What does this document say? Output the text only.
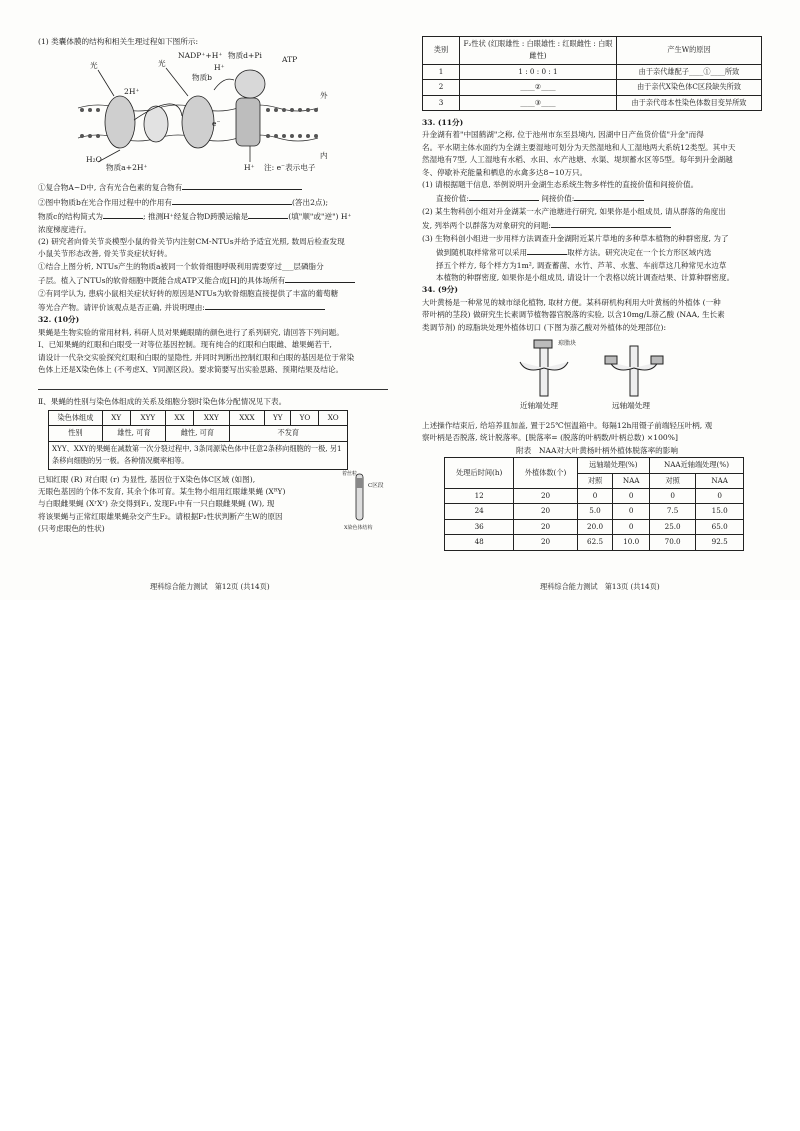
(1) 类囊体膜的结构和相关生理过程如下图所示:

光	光
NADP⁺+H⁺ 物质d+Pi	ATP
H⁺
外
内
H₂O
2H⁺
物质a+2H⁺
物质b
e⁻
H⁺ 注: e⁻表示电子

①复合物A~D中, 含有光合色素的复合物有

②图中物质b在光合作用过程中的作用有	(答出2点);

物质c的结构简式为	; 推测H⁺经复合物D跨膜运输是	(填"顺"或"逆") H⁺

浓度梯度进行。

(2) 研究者向骨关节炎模型小鼠的骨关节内注射CM-NTUs并给予适宜光照, 数周后检查发现

小鼠关节形态改善, 骨关节炎症状好转。

①结合上图分析, NTUs产生的物质a被同一个软骨细胞呼吸利用需要穿过___层磷脂分

子层。植入了NTUs的软骨细胞中既能合成ATP又能合成[H]的具体场所有

②有同学认为, 患病小鼠相关症状好转的原因是NTUs为软骨细胞直接提供了丰富的葡萄糖

等光合产物。请评价该观点是否正确, 并说明理由:

32. (10分)

果蝇是生物实验的常用材料, 科研人员对果蝇眼睛的颜色进行了系列研究, 请回答下列问题。

Ⅰ、已知果蝇的红眼和白眼受一对等位基因控制。现有纯合的红眼和白眼雌、雄果蝇若干,

请设计一代杂交实验探究红眼和白眼的显隐性, 并同时判断出控制红眼和白眼的基因是位于常染

色体上还是X染色体上 (不考虑X、Y同源区段)。要求简要写出实验思路、预期结果及结论。

Ⅱ、果蝇的性别与染色体组成的关系及细胞分裂时染色体分配情况见下表。

染色体组成	XY	XYY	XX	XXY	XXX	YY	YO	XO
性别	雄性, 可育		雌性, 可育		不发育			
XYY、XXY的果蝇在减数第一次分裂过程中, 3条同源染色体中任意2条移向细胞的一极, 另1条移向细胞的另一极。各种情况概率相等。								

已知红眼 (R) 对白眼 (r) 为显性, 基因位于X染色体C区域 (如图),

无眼色基因的个体不发育, 其余个体可育。某生物小组用红眼雄果蝇 (XᴿY)

与白眼雌果蝇 (XʳXʳ) 杂交得到F₁, 发现F₁中有一只白眼雌果蝇 (W), 现

将该果蝇与正常红眼雄果蝇杂交产生F₂。请根据F₂性状判断产生W的原因

(只考虑眼色的性状)

着丝粒
C区段
X染色体结构
类别	F₂性状 (红眼雄性 : 白眼雄性 : 红眼雌性 : 白眼雌性)	产生W的原因
1	1 : 0 : 0 : 1	由于亲代雄配子____①____所致
2	____②____	由于亲代X染色体C区段缺失所致
3	____③____	由于亲代母本性染色体数目变异所致

33. (11分)

升金湖有着"中国鹤湖"之称, 位于池州市东至县境内, 因湖中日产鱼货价值"升金"而得

名。平水期主体水面约为全湖主要湿地可划分为天然湿地和人工湿地两大系统12类型。其中天

然湿地有7型, 人工湿地有水稻、水田、水产池塘、水渠、堤坝蓄水区等5型。每年到升金湖越

冬、停歇补充能量和栖息的水禽多达8~10万只。

(1) 请根据题干信息, 举例说明升金湖生态系统生物多样性的直接价值和间接价值。

直接价值:	间接价值:

(2) 某生物科创小组对升金湖某一水产池塘进行研究, 如果你是小组成员, 请从群落的角度出

发, 列举两个以群落为对象研究的问题:

(3) 生物科创小组进一步用样方法调查升金湖附近某片草地的多种草本植物的种群密度, 为了

做到随机取样常常可以采用	取样方法。研究决定在一个长方形区域内选

择五个样方, 每个样方为1m², 调查蓄菌、水竹、芦苇、水葱、车前草这几种常见水边草

本植物的种群密度, 如果你是小组成员, 请设计一个表格以统计调查结果、计算种群密度。

34. (9分)

大叶黄杨是一种常见的城市绿化植物, 取材方便。某科研机构利用大叶黄杨的外植体 (一种

带叶柄的茎段) 做研究生长素调节植物器官脱落的实验, 以含10mg/L萘乙酸 (NAA, 生长素

类调节剂) 的琼脂块处理外植体切口 (下图为萘乙酸对外植体的处理部位):

琼脂块
近轴端处理	远轴端处理

上述操作结束后, 给培养皿加盖, 置于25℃恒温箱中。每隔12h用镊子前端轻压叶柄, 观

察叶柄是否脱落, 统计脱落率。[脱落率= (脱落的叶柄数/叶柄总数) ×100%]

附表　NAA对大叶黄杨叶柄外植体脱落率的影响

处理后时间(h)	外植体数(个)	远轴端处理(%)		NAA近轴端处理(%)	
		对照	NAA	对照	NAA
12	20	0	0	0	0
24	20	5.0	0	7.5	15.0
36	20	20.0	0	25.0	65.0
48	20	62.5	10.0	70.0	92.5
理科综合能力测试　第12页 (共14页)	理科综合能力测试　第13页 (共14页)
